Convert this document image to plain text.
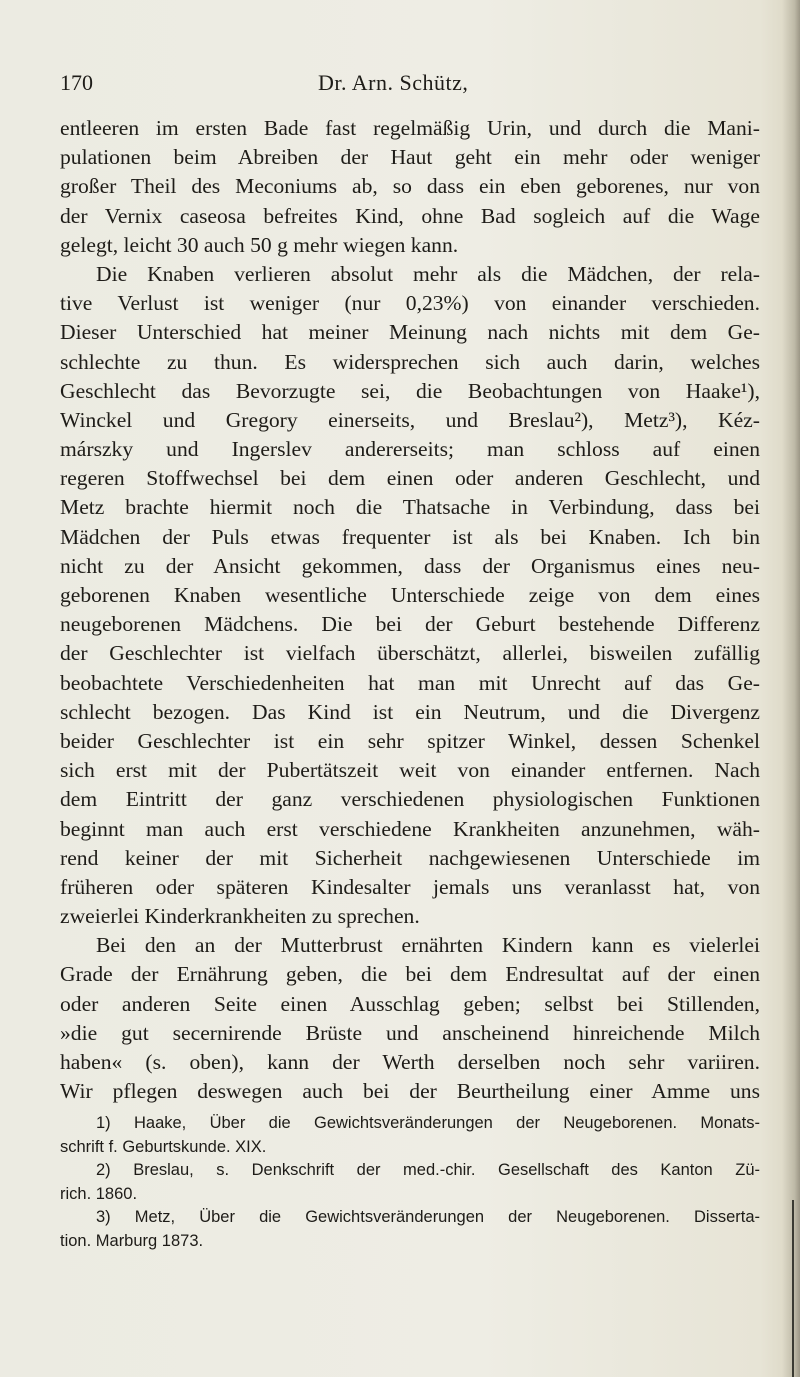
170	Dr. Arn. Schütz,
entleeren im ersten Bade fast regelmäßig Urin, und durch die Mani-
pulationen beim Abreiben der Haut geht ein mehr oder weniger
großer Theil des Meconiums ab, so dass ein eben geborenes, nur von
der Vernix caseosa befreites Kind, ohne Bad sogleich auf die Wage
gelegt, leicht 30 auch 50 g mehr wiegen kann.
Die Knaben verlieren absolut mehr als die Mädchen, der rela-
tive Verlust ist weniger (nur 0,23%) von einander verschieden.
Dieser Unterschied hat meiner Meinung nach nichts mit dem Ge-
schlechte zu thun. Es widersprechen sich auch darin, welches
Geschlecht das Bevorzugte sei, die Beobachtungen von Haake¹),
Winckel und Gregory einerseits, und Breslau²), Metz³), Kéz-
márszky und Ingerslev andererseits; man schloss auf einen
regeren Stoffwechsel bei dem einen oder anderen Geschlecht, und
Metz brachte hiermit noch die Thatsache in Verbindung, dass bei
Mädchen der Puls etwas frequenter ist als bei Knaben. Ich bin
nicht zu der Ansicht gekommen, dass der Organismus eines neu-
geborenen Knaben wesentliche Unterschiede zeige von dem eines
neugeborenen Mädchens. Die bei der Geburt bestehende Differenz
der Geschlechter ist vielfach überschätzt, allerlei, bisweilen zufällig
beobachtete Verschiedenheiten hat man mit Unrecht auf das Ge-
schlecht bezogen. Das Kind ist ein Neutrum, und die Divergenz
beider Geschlechter ist ein sehr spitzer Winkel, dessen Schenkel
sich erst mit der Pubertätszeit weit von einander entfernen. Nach
dem Eintritt der ganz verschiedenen physiologischen Funktionen
beginnt man auch erst verschiedene Krankheiten anzunehmen, wäh-
rend keiner der mit Sicherheit nachgewiesenen Unterschiede im
früheren oder späteren Kindesalter jemals uns veranlasst hat, von
zweierlei Kinderkrankheiten zu sprechen.
Bei den an der Mutterbrust ernährten Kindern kann es vielerlei
Grade der Ernährung geben, die bei dem Endresultat auf der einen
oder anderen Seite einen Ausschlag geben; selbst bei Stillenden,
»die gut secernirende Brüste und anscheinend hinreichende Milch
haben« (s. oben), kann der Werth derselben noch sehr variiren.
Wir pflegen deswegen auch bei der Beurtheilung einer Amme uns
1) Haake, Über die Gewichtsveränderungen der Neugeborenen. Monats-
schrift f. Geburtskunde. XIX.
2) Breslau, s. Denkschrift der med.-chir. Gesellschaft des Kanton Zü-
rich. 1860.
3) Metz, Über die Gewichtsveränderungen der Neugeborenen. Disserta-
tion. Marburg 1873.
